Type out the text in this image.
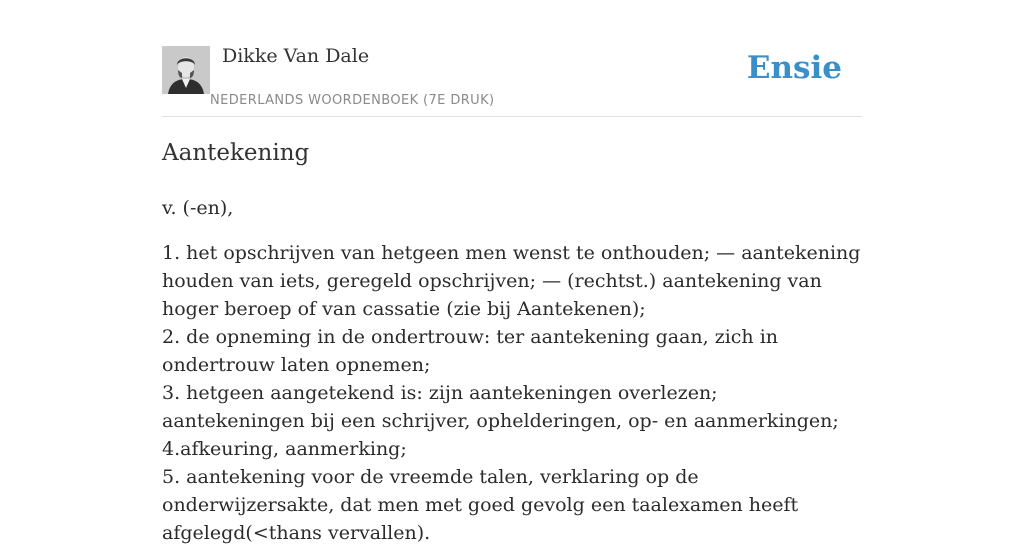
Dikke Van Dale
NEDERLANDS WOORDENBOEK (7E DRUK)
Ensie
Aantekening

v. (-en),

1. het opschrijven van hetgeen men wenst te onthouden; — aantekening houden van iets, geregeld opschrijven; — (rechtst.) aantekening van hoger beroep of van cassatie (zie bij Aantekenen);
2. de opneming in de ondertrouw: ter aantekening gaan, zich in ondertrouw laten opnemen;
3. hetgeen aangetekend is: zijn aantekeningen overlezen; aantekeningen bij een schrijver, ophelderingen, op- en aanmerkingen;
4.afkeuring, aanmerking;
5. aantekening voor de vreemde talen, verklaring op de onderwijzersakte, dat men met goed gevolg een taalexamen heeft afgelegd(<thans vervallen).
